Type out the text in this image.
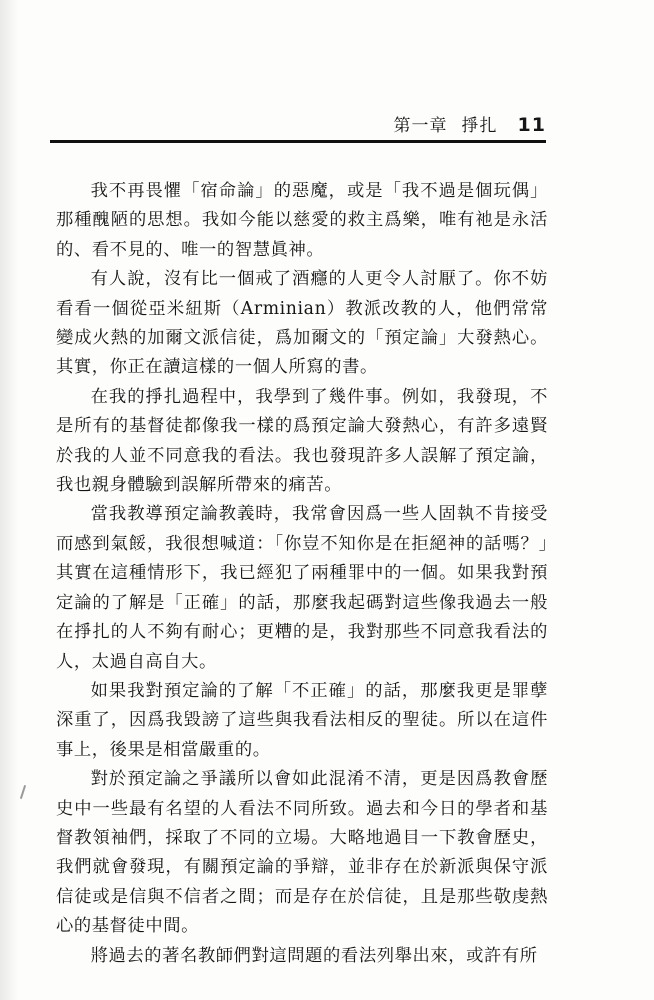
第一章 掙扎 11

我不再畏懼「宿命論」的惡魔，或是「我不過是個玩偶」那種醜陋的思想。我如今能以慈愛的救主爲樂，唯有祂是永活的、看不見的、唯一的智慧眞神。

有人說，沒有比一個戒了酒癮的人更令人討厭了。你不妨看看一個從亞米紐斯（Arminian）教派改教的人，他們常常變成火熱的加爾文派信徒，爲加爾文的「預定論」大發熱心。其實，你正在讀這樣的一個人所寫的書。

在我的掙扎過程中，我學到了幾件事。例如，我發現，不是所有的基督徒都像我一樣的爲預定論大發熱心，有許多遠賢於我的人並不同意我的看法。我也發現許多人誤解了預定論，我也親身體驗到誤解所帶來的痛苦。

當我教導預定論教義時，我常會因爲一些人固執不肯接受而感到氣餒，我很想喊道：「你豈不知你是在拒絕神的話嗎？」其實在這種情形下，我已經犯了兩種罪中的一個。如果我對預定論的了解是「正確」的話，那麼我起碼對這些像我過去一般在掙扎的人不夠有耐心；更糟的是，我對那些不同意我看法的人，太過自高自大。

如果我對預定論的了解「不正確」的話，那麼我更是罪孽深重了，因爲我毀謗了這些與我看法相反的聖徒。所以在這件事上，後果是相當嚴重的。

對於預定論之爭議所以會如此混淆不清，更是因爲教會歷史中一些最有名望的人看法不同所致。過去和今日的學者和基督教領袖們，採取了不同的立場。大略地過目一下教會歷史，我們就會發現，有關預定論的爭辯，並非存在於新派與保守派信徒或是信與不信者之間；而是存在於信徒，且是那些敬虔熱心的基督徒中間。

將過去的著名教師們對這問題的看法列舉出來，或許有所
